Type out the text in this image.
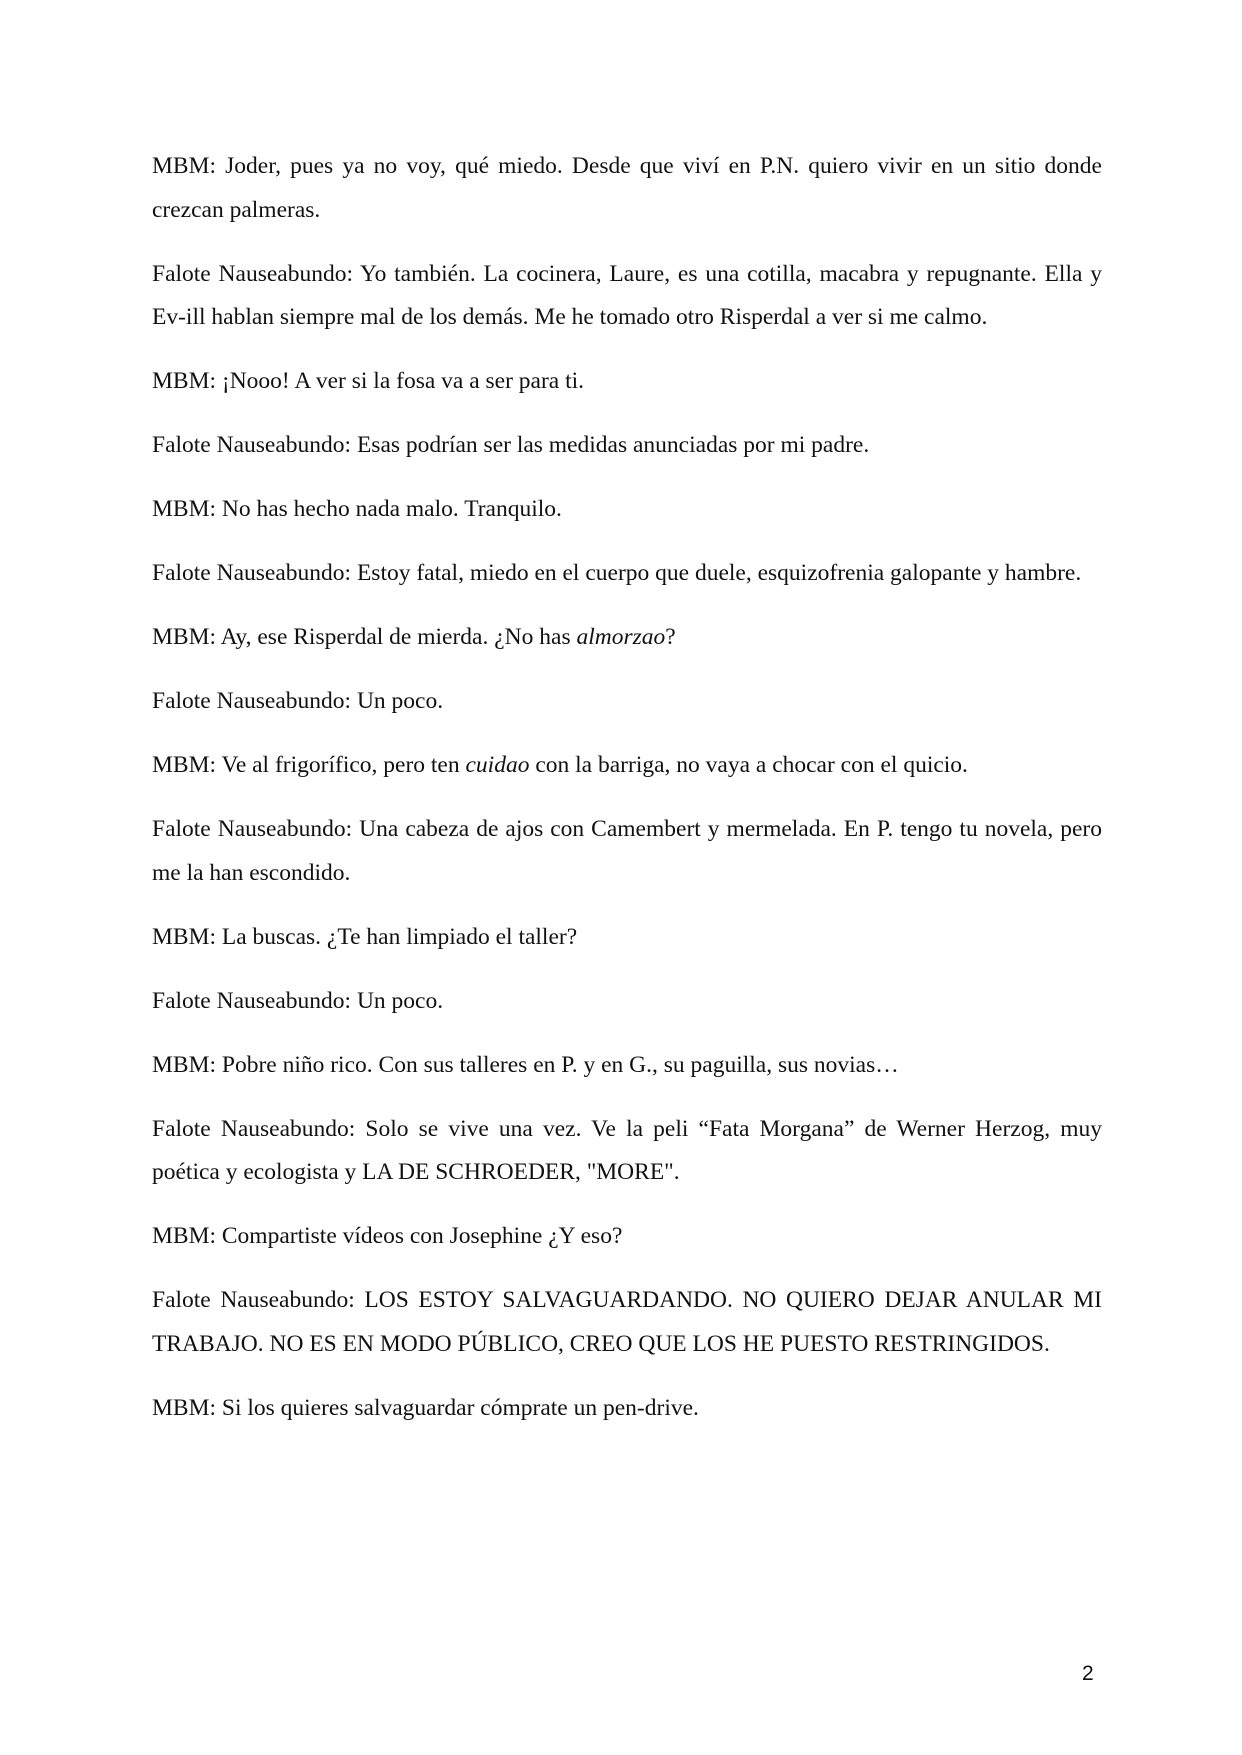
MBM: Joder, pues ya no voy, qué miedo. Desde que viví en P.N. quiero vivir en un sitio donde crezcan palmeras.

Falote Nauseabundo: Yo también. La cocinera, Laure, es una cotilla, macabra y repugnante. Ella y Ev-ill hablan siempre mal de los demás. Me he tomado otro Risperdal a ver si me calmo.

MBM: ¡Nooo! A ver si la fosa va a ser para ti.

Falote Nauseabundo: Esas podrían ser las medidas anunciadas por mi padre.

MBM: No has hecho nada malo. Tranquilo.

Falote Nauseabundo: Estoy fatal, miedo en el cuerpo que duele, esquizofrenia galopante y hambre.

MBM: Ay, ese Risperdal de mierda. ¿No has almorzao?

Falote Nauseabundo: Un poco.

MBM: Ve al frigorífico, pero ten cuidao con la barriga, no vaya a chocar con el quicio.

Falote Nauseabundo: Una cabeza de ajos con Camembert y mermelada. En P. tengo tu novela, pero me la han escondido.

MBM: La buscas. ¿Te han limpiado el taller?

Falote Nauseabundo: Un poco.

MBM: Pobre niño rico. Con sus talleres en P. y en G., su paguilla, sus novias…

Falote Nauseabundo: Solo se vive una vez. Ve la peli “Fata Morgana” de Werner Herzog, muy poética y ecologista y LA DE SCHROEDER, "MORE".

MBM: Compartiste vídeos con Josephine ¿Y eso?

Falote Nauseabundo: LOS ESTOY SALVAGUARDANDO. NO QUIERO DEJAR ANULAR MI TRABAJO. NO ES EN MODO PÚBLICO, CREO QUE LOS HE PUESTO RESTRINGIDOS.

MBM: Si los quieres salvaguardar cómprate un pen-drive.

2
